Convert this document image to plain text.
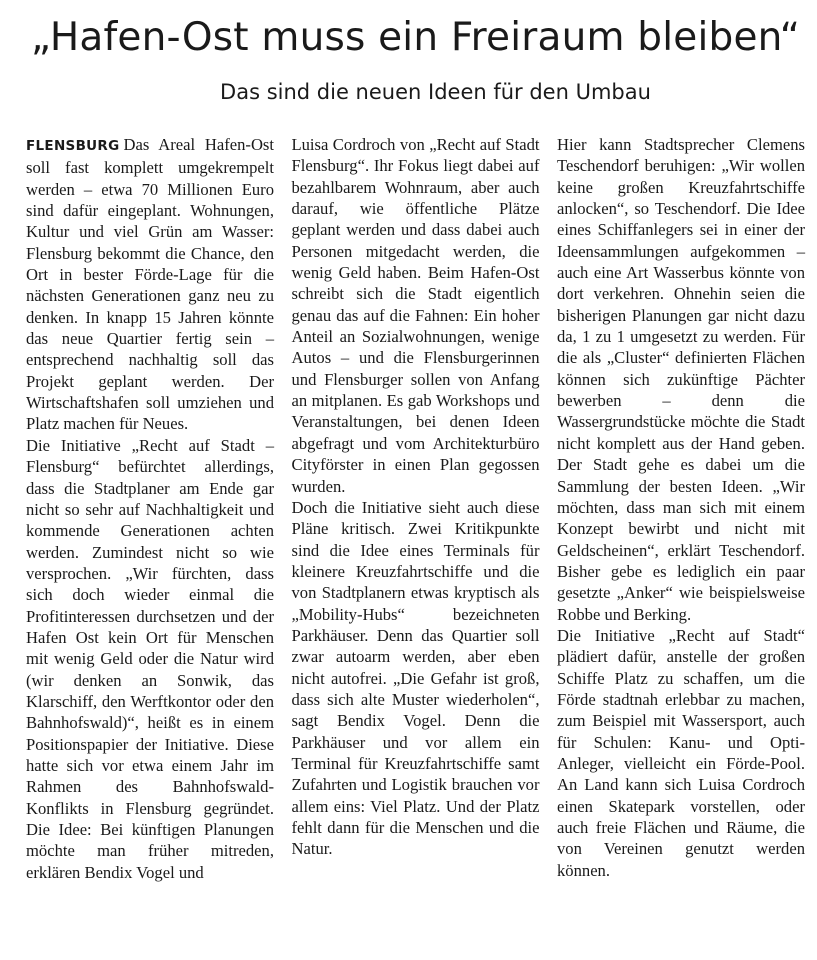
„Hafen-Ost muss ein Freiraum bleiben“
Das sind die neuen Ideen für den Umbau

FLENSBURG Das Areal Hafen-Ost soll fast komplett umgekrempelt werden – etwa 70 Millionen Euro sind dafür eingeplant. Wohnungen, Kultur und viel Grün am Wasser: Flensburg bekommt die Chance, den Ort in bester Förde-Lage für die nächsten Generationen ganz neu zu denken. In knapp 15 Jahren könnte das neue Quartier fertig sein – entsprechend nachhaltig soll das Projekt geplant werden. Der Wirtschaftshafen soll umziehen und Platz machen für Neues.

Die Initiative „Recht auf Stadt – Flensburg“ befürchtet allerdings, dass die Stadtplaner am Ende gar nicht so sehr auf Nachhaltigkeit und kommende Generationen achten werden. Zumindest nicht so wie versprochen. „Wir fürchten, dass sich doch wieder einmal die Profitinteressen durchsetzen und der Hafen Ost kein Ort für Menschen mit wenig Geld oder die Natur wird (wir denken an Sonwik, das Klarschiff, den Werftkontor oder den Bahnhofswald)“, heißt es in einem Positionspapier der Initiative. Diese hatte sich vor etwa einem Jahr im Rahmen des Bahnhofswald-Konflikts in Flensburg gegründet. Die Idee: Bei künftigen Planungen möchte man früher mitreden, erklären Bendix Vogel und

Luisa Cordroch von „Recht auf Stadt Flensburg“. Ihr Fokus liegt dabei auf bezahlbarem Wohnraum, aber auch darauf, wie öffentliche Plätze geplant werden und dass dabei auch Personen mitgedacht werden, die wenig Geld haben. Beim Hafen-Ost schreibt sich die Stadt eigentlich genau das auf die Fahnen: Ein hoher Anteil an Sozialwohnungen, wenige Autos – und die Flensburgerinnen und Flensburger sollen von Anfang an mitplanen. Es gab Workshops und Veranstaltungen, bei denen Ideen abgefragt und vom Architekturbüro Cityförster in einen Plan gegossen wurden.

Doch die Initiative sieht auch diese Pläne kritisch. Zwei Kritikpunkte sind die Idee eines Terminals für kleinere Kreuzfahrtschiffe und die von Stadtplanern etwas kryptisch als „Mobility-Hubs“ bezeichneten Parkhäuser. Denn das Quartier soll zwar autoarm werden, aber eben nicht autofrei. „Die Gefahr ist groß, dass sich alte Muster wiederholen“, sagt Bendix Vogel. Denn die Parkhäuser und vor allem ein Terminal für Kreuzfahrtschiffe samt Zufahrten und Logistik brauchen vor allem eins: Viel Platz. Und der Platz fehlt dann für die Menschen und die Natur.

Hier kann Stadtsprecher Clemens Teschendorf beruhigen: „Wir wollen keine großen Kreuzfahrtschiffe anlocken“, so Teschendorf. Die Idee eines Schiffanlegers sei in einer der Ideensammlungen aufgekommen – auch eine Art Wasserbus könnte von dort verkehren. Ohnehin seien die bisherigen Planungen gar nicht dazu da, 1 zu 1 umgesetzt zu werden. Für die als „Cluster“ definierten Flächen können sich zukünftige Pächter bewerben – denn die Wassergrundstücke möchte die Stadt nicht komplett aus der Hand geben. Der Stadt gehe es dabei um die Sammlung der besten Ideen. „Wir möchten, dass man sich mit einem Konzept bewirbt und nicht mit Geldscheinen“, erklärt Teschendorf. Bisher gebe es lediglich ein paar gesetzte „Anker“ wie beispielsweise Robbe und Berking.

Die Initiative „Recht auf Stadt“ plädiert dafür, anstelle der großen Schiffe Platz zu schaffen, um die Förde stadtnah erlebbar zu machen, zum Beispiel mit Wassersport, auch für Schulen: Kanu- und Opti-Anleger, vielleicht ein Förde-Pool. An Land kann sich Luisa Cordroch einen Skatepark vorstellen, oder auch freie Flächen und Räume, die von Vereinen genutzt werden können.
